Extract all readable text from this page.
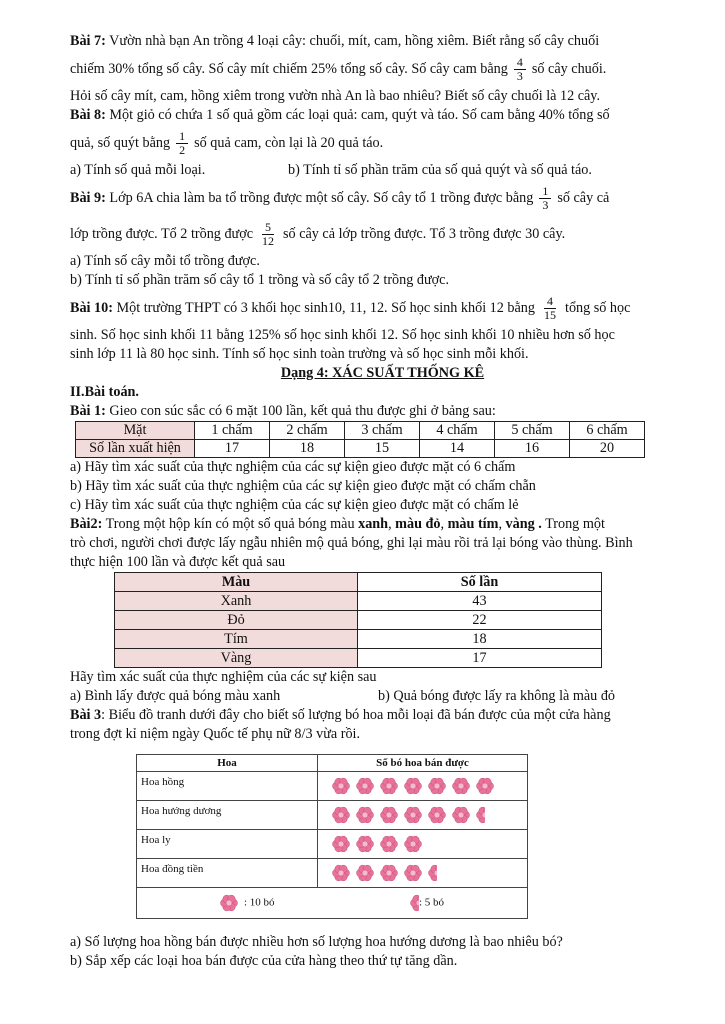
Bài 7: Vườn nhà bạn An trồng 4 loại cây: chuối, mít, cam, hồng xiêm. Biết rằng số cây chuối

chiếm 30% tổng số cây. Số cây mít chiếm 25% tổng số cây. Số cây cam bằng $\frac{4}{3}$ số cây chuối.

Hỏi số cây mít, cam, hồng xiêm trong vườn nhà An là bao nhiêu? Biết số cây chuối là 12 cây.

Bài 8: Một giỏ có chứa 1 số quả gồm các loại quả: cam, quýt và táo. Số cam bằng 40% tổng số

quả, số quýt bằng $\frac{1}{2}$ số quả cam, còn lại là 20 quả táo.

a) Tính số quả mỗi loại.	b) Tính tỉ số phần trăm của số quả quýt và số quả táo.

Bài 9: Lớp 6A chia làm ba tổ trồng được một số cây. Số cây tổ 1 trồng được bằng $\frac{1}{3}$ số cây cả

lớp trồng được. Tổ 2 trồng được $\frac{5}{12}$ số cây cả lớp trồng được. Tổ 3 trồng được 30 cây.

a) Tính số cây mỗi tổ trồng được.

b) Tính tỉ số phần trăm số cây tổ 1 trồng và số cây tổ 2 trồng được.

Bài 10: Một trường THPT có 3 khối học sinh10, 11, 12. Số học sinh khối 12 bằng $\frac{4}{15}$ tổng số học

sinh. Số học sinh khối 11 bằng 125% số học sinh khối 12. Số học sinh khối 10 nhiều hơn số học

sinh lớp 11 là 80 học sinh. Tính số học sinh toàn trường và số học sinh mỗi khối.

Dạng 4: XÁC SUẤT THỐNG KÊ

II.Bài toán.

Bài 1: Gieo con súc sắc có 6 mặt 100 lần, kết quả thu được ghi ở bảng sau:

Mặt	1 chấm	2 chấm	3 chấm	4 chấm	5 chấm	6 chấm
Số lần xuất hiện	17	18	15	14	16	20

a) Hãy tìm xác suất của thực nghiệm của các sự kiện gieo được mặt có 6 chấm

b) Hãy tìm xác suất của thực nghiệm của các sự kiện gieo được mặt có chấm chẵn

c) Hãy tìm xác suất của thực nghiệm của các sự kiện gieo được mặt có chấm lẻ

Bài2: Trong một hộp kín có một số quả bóng màu xanh, màu đỏ, màu tím, vàng . Trong một

trò chơi, người chơi được lấy ngẫu nhiên mộ quả bóng, ghi lại màu rồi trả lại bóng vào thùng. Bình

thực hiện 100 lần và được kết quả sau

Màu	Số lần
Xanh	43
Đỏ	22
Tím	18
Vàng	17

Hãy tìm xác suất của thực nghiệm của các sự kiện sau

a) Bình lấy được quả bóng màu xanh	b) Quả bóng được lấy ra không là màu đỏ

Bài 3: Biểu đồ tranh dưới đây cho biết số lượng bó hoa mỗi loại đã bán được của một cửa hàng

trong đợt kỉ niệm ngày Quốc tế phụ nữ 8/3 vừa rồi.

Hoa	Số bó hoa bán được
Hoa hồng	
Hoa hướng dương	
Hoa ly	
Hoa đồng tiền	
: 10 bó : 5 bó	

a) Số lượng hoa hồng bán được nhiều hơn số lượng hoa hướng dương là bao nhiêu bó?

b) Sắp xếp các loại hoa bán được của cửa hàng theo thứ tự tăng dần.
